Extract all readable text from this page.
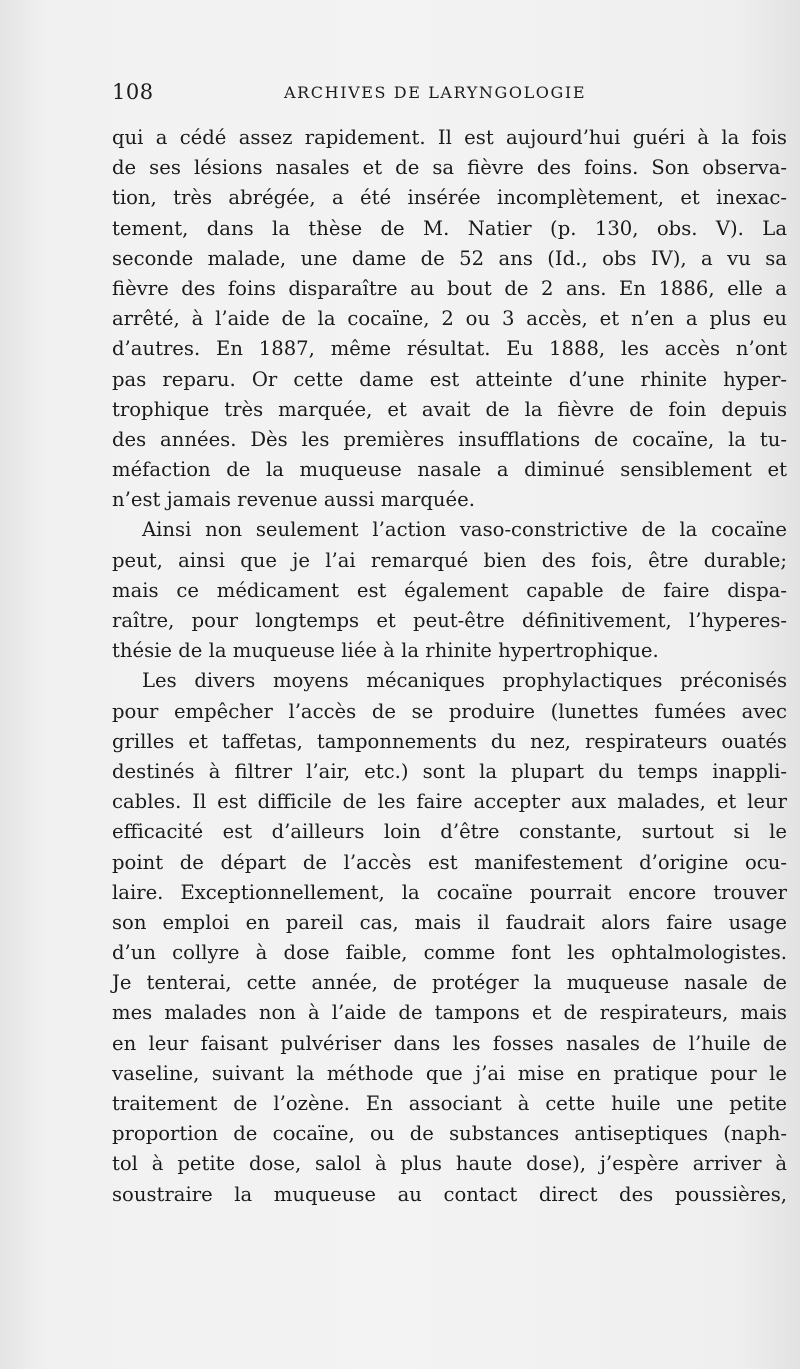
108	ARCHIVES DE LARYNGOLOGIE
qui a cédé assez rapidement. Il est aujourd’hui guéri à la fois
de ses lésions nasales et de sa fièvre des foins. Son observa-
tion, très abrégée, a été insérée incomplètement, et inexac-
tement, dans la thèse de M. Natier (p. 130, obs. V). La
seconde malade, une dame de 52 ans (Id., obs IV), a vu sa
fièvre des foins disparaître au bout de 2 ans. En 1886, elle a
arrêté, à l’aide de la cocaïne, 2 ou 3 accès, et n’en a plus eu
d’autres. En 1887, même résultat. Eu 1888, les accès n’ont
pas reparu. Or cette dame est atteinte d’une rhinite hyper-
trophique très marquée, et avait de la fièvre de foin depuis
des années. Dès les premières insufflations de cocaïne, la tu-
méfaction de la muqueuse nasale a diminué sensiblement et
n’est jamais revenue aussi marquée.
Ainsi non seulement l’action vaso-constrictive de la cocaïne
peut, ainsi que je l’ai remarqué bien des fois, être durable;
mais ce médicament est également capable de faire dispa-
raître, pour longtemps et peut-être définitivement, l’hyperes-
thésie de la muqueuse liée à la rhinite hypertrophique.
Les divers moyens mécaniques prophylactiques préconisés
pour empêcher l’accès de se produire (lunettes fumées avec
grilles et taffetas, tamponnements du nez, respirateurs ouatés
destinés à filtrer l’air, etc.) sont la plupart du temps inappli-
cables. Il est difficile de les faire accepter aux malades, et leur
efficacité est d’ailleurs loin d’être constante, surtout si le
point de départ de l’accès est manifestement d’origine ocu-
laire. Exceptionnellement, la cocaïne pourrait encore trouver
son emploi en pareil cas, mais il faudrait alors faire usage
d’un collyre à dose faible, comme font les ophtalmologistes.
Je tenterai, cette année, de protéger la muqueuse nasale de
mes malades non à l’aide de tampons et de respirateurs, mais
en leur faisant pulvériser dans les fosses nasales de l’huile de
vaseline, suivant la méthode que j’ai mise en pratique pour le
traitement de l’ozène. En associant à cette huile une petite
proportion de cocaïne, ou de substances antiseptiques (naph-
tol à petite dose, salol à plus haute dose), j’espère arriver à
soustraire la muqueuse au contact direct des poussières,
